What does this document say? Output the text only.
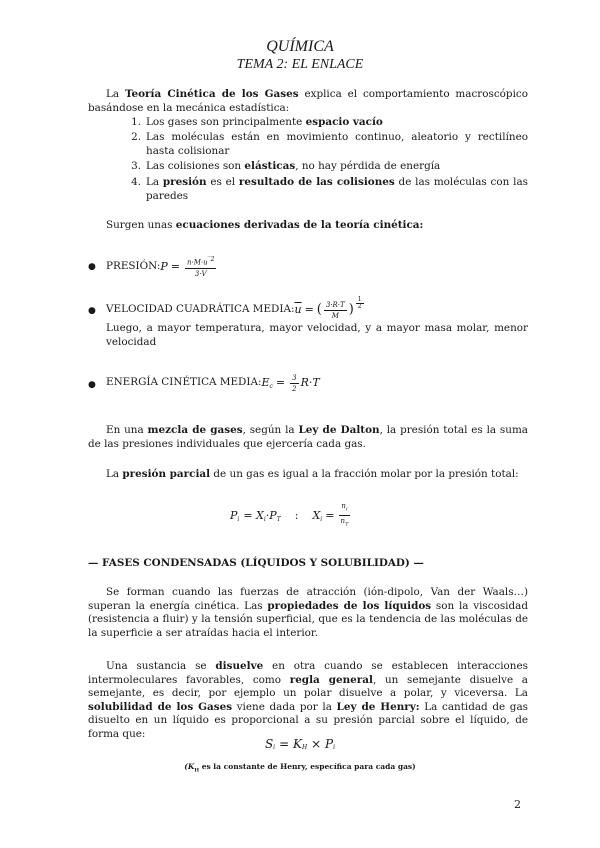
QUÍMICA
TEMA 2: EL ENLACE
La Teoría Cinética de los Gases explica el comportamiento macroscópico basándose en la mecánica estadística:
1. Los gases son principalmente espacio vacío
2. Las moléculas están en movimiento continuo, aleatorio y rectilíneo hasta colisionar
3. Las colisiones son elásticas, no hay pérdida de energía
4. La presión es el resultado de las colisiones de las moléculas con las paredes
Surgen unas ecuaciones derivadas de la teoría cinética:
● PRESIÓN: $P = \frac{n\cdot M\cdot u^{‾2}}{3\cdot V}$
● VELOCIDAD CUADRÁTICA MEDIA: $\overline{u}$ = ( $\frac{3\cdot R\cdot T}{M}$ ) $\frac{1}{2}$
Luego, a mayor temperatura, mayor velocidad, y a mayor masa molar, menor velocidad
● ENERGÍA CINÉTICA MEDIA: $E_c = \frac{3}{2} R\cdot T$
En una mezcla de gases, según la Ley de Dalton, la presión total es la suma de las presiones individuales que ejercería cada gas.
La presión parcial de un gas es igual a la fracción molar por la presión total:
$P_i = X_i \cdot P_T$ : $X_i = \frac{n_i}{n_T}$
— FASES CONDENSADAS (LÍQUIDOS Y SOLUBILIDAD) —
Se forman cuando las fuerzas de atracción (ión-dipolo, Van der Waals…) superan la energía cinética. Las propiedades de los líquidos son la viscosidad (resistencia a fluir) y la tensión superficial, que es la tendencia de las moléculas de la superficie a ser atraídas hacia el interior.
Una sustancia se disuelve en otra cuando se establecen interacciones intermoleculares favorables, como regla general, un semejante disuelve a semejante, es decir, por ejemplo un polar disuelve a polar, y viceversa. La solubilidad de los Gases viene dada por la Ley de Henry: La cantidad de gas disuelto en un líquido es proporcional a su presión parcial sobre el líquido, de forma que:
$S_i = K_H \times P_i$
($K_H$ es la constante de Henry, específica para cada gas)
2
